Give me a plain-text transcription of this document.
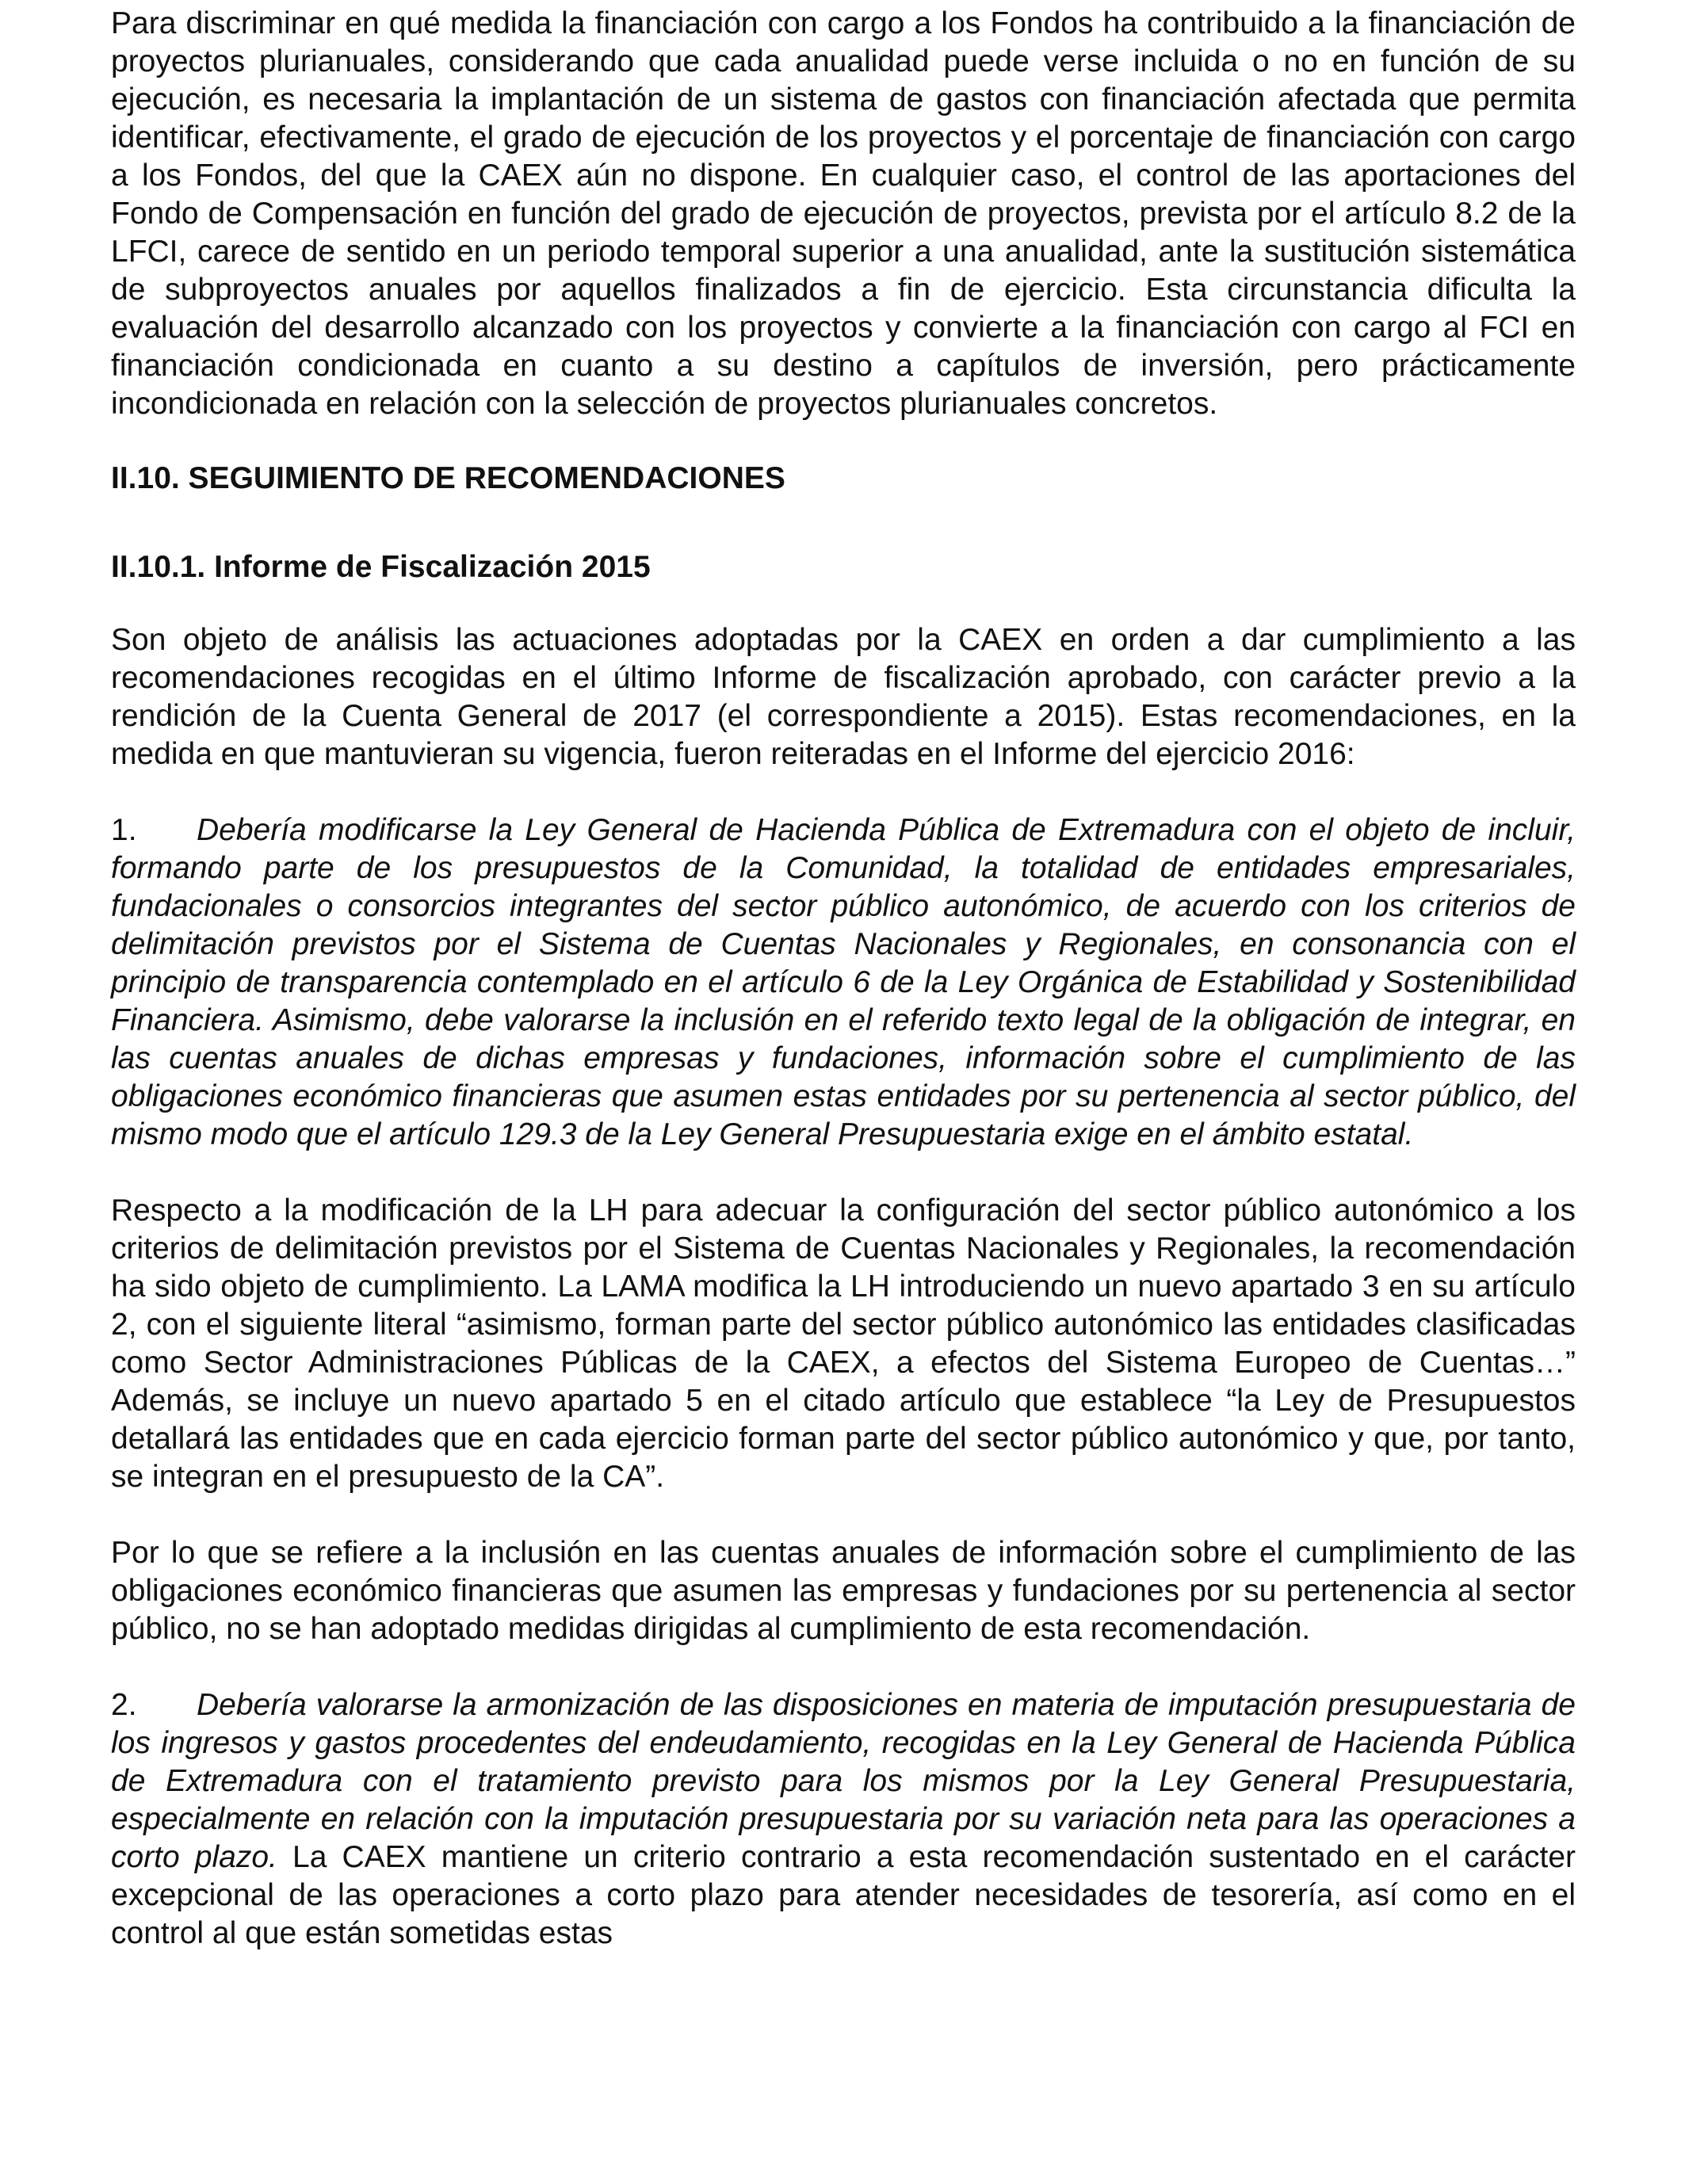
Para discriminar en qué medida la financiación con cargo a los Fondos ha contribuido a la financiación de proyectos plurianuales, considerando que cada anualidad puede verse incluida o no en función de su ejecución, es necesaria la implantación de un sistema de gastos con financiación afectada que permita identificar, efectivamente, el grado de ejecución de los proyectos y el porcentaje de financiación con cargo a los Fondos, del que la CAEX aún no dispone. En cualquier caso, el control de las aportaciones del Fondo de Compensación en función del grado de ejecución de proyectos, prevista por el artículo 8.2 de la LFCI, carece de sentido en un periodo temporal superior a una anualidad, ante la sustitución sistemática de subproyectos anuales por aquellos finalizados a fin de ejercicio. Esta circunstancia dificulta la evaluación del desarrollo alcanzado con los proyectos y convierte a la financiación con cargo al FCI en financiación condicionada en cuanto a su destino a capítulos de inversión, pero prácticamente incondicionada en relación con la selección de proyectos plurianuales concretos.

II.10. SEGUIMIENTO DE RECOMENDACIONES
II.10.1. Informe de Fiscalización 2015

Son objeto de análisis las actuaciones adoptadas por la CAEX en orden a dar cumplimiento a las recomendaciones recogidas en el último Informe de fiscalización aprobado, con carácter previo a la rendición de la Cuenta General de 2017 (el correspondiente a 2015). Estas recomendaciones, en la medida en que mantuvieran su vigencia, fueron reiteradas en el Informe del ejercicio 2016:

1. Debería modificarse la Ley General de Hacienda Pública de Extremadura con el objeto de incluir, formando parte de los presupuestos de la Comunidad, la totalidad de entidades empresariales, fundacionales o consorcios integrantes del sector público autonómico, de acuerdo con los criterios de delimitación previstos por el Sistema de Cuentas Nacionales y Regionales, en consonancia con el principio de transparencia contemplado en el artículo 6 de la Ley Orgánica de Estabilidad y Sostenibilidad Financiera. Asimismo, debe valorarse la inclusión en el referido texto legal de la obligación de integrar, en las cuentas anuales de dichas empresas y fundaciones, información sobre el cumplimiento de las obligaciones económico financieras que asumen estas entidades por su pertenencia al sector público, del mismo modo que el artículo 129.3 de la Ley General Presupuestaria exige en el ámbito estatal.

Respecto a la modificación de la LH para adecuar la configuración del sector público autonómico a los criterios de delimitación previstos por el Sistema de Cuentas Nacionales y Regionales, la recomendación ha sido objeto de cumplimiento. La LAMA modifica la LH introduciendo un nuevo apartado 3 en su artículo 2, con el siguiente literal “asimismo, forman parte del sector público autonómico las entidades clasificadas como Sector Administraciones Públicas de la CAEX, a efectos del Sistema Europeo de Cuentas…” Además, se incluye un nuevo apartado 5 en el citado artículo que establece “la Ley de Presupuestos detallará las entidades que en cada ejercicio forman parte del sector público autonómico y que, por tanto, se integran en el presupuesto de la CA”.

Por lo que se refiere a la inclusión en las cuentas anuales de información sobre el cumplimiento de las obligaciones económico financieras que asumen las empresas y fundaciones por su pertenencia al sector público, no se han adoptado medidas dirigidas al cumplimiento de esta recomendación.

2. Debería valorarse la armonización de las disposiciones en materia de imputación presupuestaria de los ingresos y gastos procedentes del endeudamiento, recogidas en la Ley General de Hacienda Pública de Extremadura con el tratamiento previsto para los mismos por la Ley General Presupuestaria, especialmente en relación con la imputación presupuestaria por su variación neta para las operaciones a corto plazo. La CAEX mantiene un criterio contrario a esta recomendación sustentado en el carácter excepcional de las operaciones a corto plazo para atender necesidades de tesorería, así como en el control al que están sometidas estas
